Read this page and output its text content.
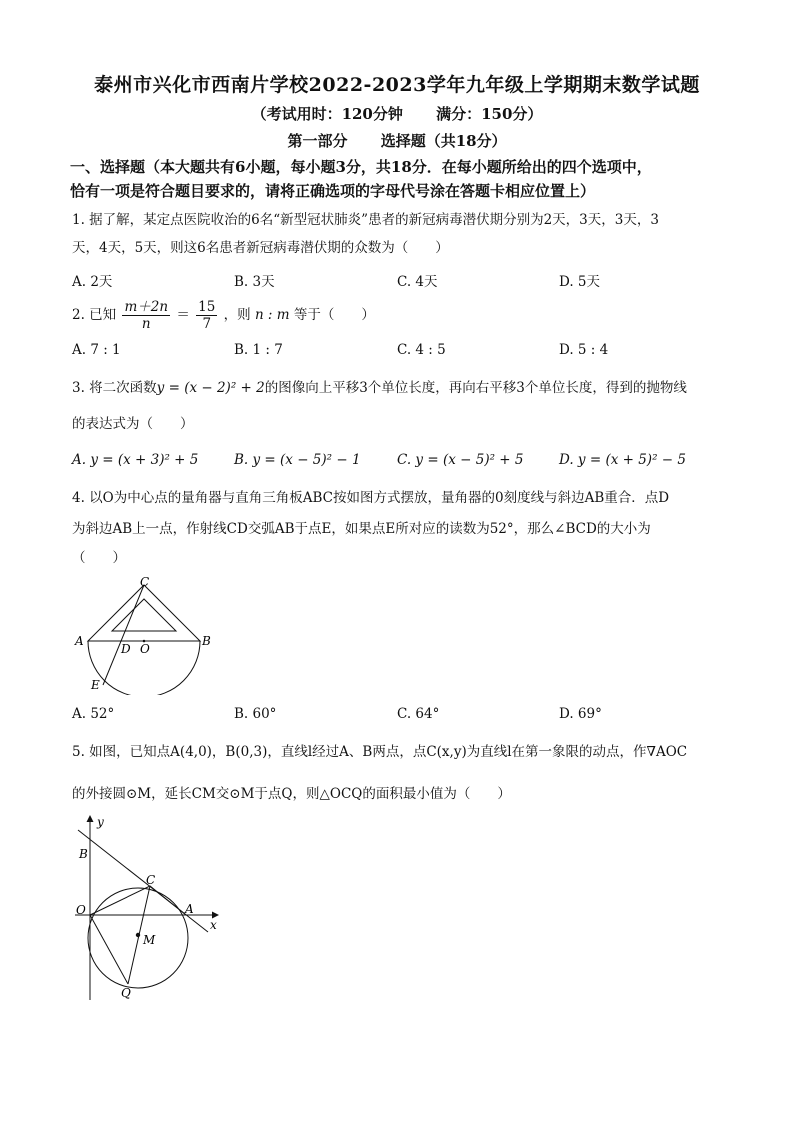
泰州市兴化市西南片学校2022-2023学年九年级上学期期末数学试题
（考试用时：120分钟 满分：150分）
第一部分 选择题（共18分）
一、选择题（本大题共有6小题，每小题3分，共18分．在每小题所给出的四个选项中，
恰有一项是符合题目要求的，请将正确选项的字母代号涂在答题卡相应位置上）
1. 据了解，某定点医院收治的6名“新型冠状肺炎”患者的新冠病毒潜伏期分别为2天，3天，3天，3
天，4天，5天，则这6名患者新冠病毒潜伏期的众数为（　　）
A. 2天	B. 3天	C. 4天	D. 5天
2. 已知 $\frac{m+2n}{n} = \frac{15}{7}$ ，则 n : m 等于（　　）
A. 7 : 1	B. 1 : 7	C. 4 : 5	D. 5 : 4
3. 将二次函数y = (x − 2)² + 2的图像向上平移3个单位长度，再向右平移3个单位长度，得到的抛物线
的表达式为（　　）
A. y = (x + 3)² + 5	B. y = (x − 5)² − 1	C. y = (x − 5)² + 5	D. y = (x + 5)² − 5
4. 以O为中心点的量角器与直角三角板ABC按如图方式摆放，量角器的0刻度线与斜边AB重合．点D
为斜边AB上一点，作射线CD交弧AB于点E，如果点E所对应的读数为52°，那么∠BCD的大小为
（　　）
C
A	B
D O
E
A. 52°	B. 60°	C. 64°	D. 69°
5. 如图，已知点A(4,0)，B(0,3)，直线l经过A、B两点，点C(x,y)为直线l在第一象限的动点，作∇AOC
的外接圆⊙M，延长CM交⊙M于点Q，则△OCQ的面积最小值为（　　）
y
x
B
C
O	A
M
Q
